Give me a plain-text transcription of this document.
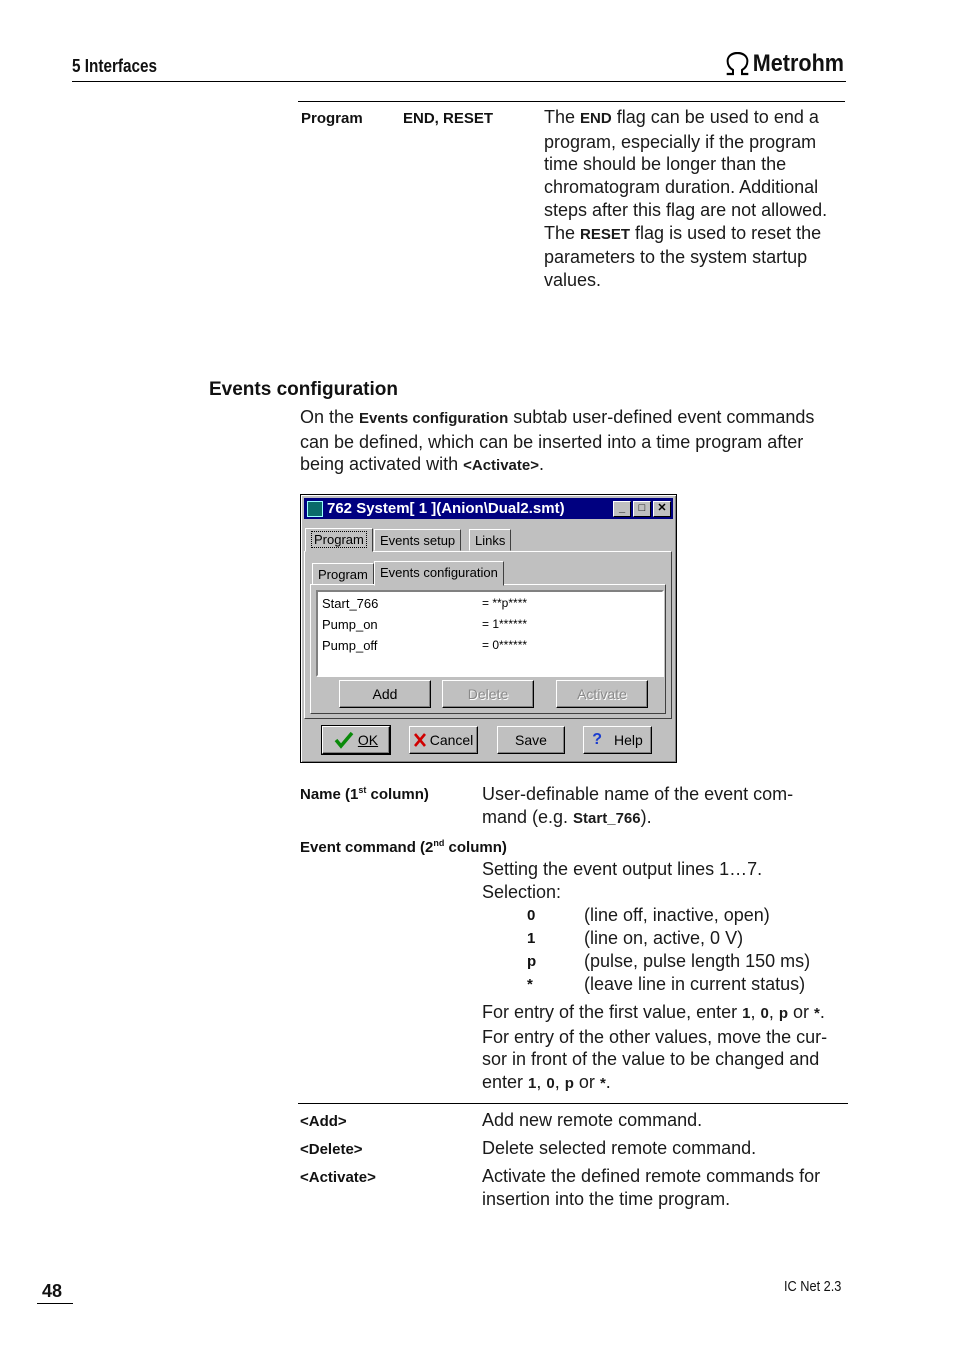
5 Interfaces	Metrohm
Program	END, RESET	The END flag can be used to end a program, especially if the program time should be longer than the chromatogram duration. Additional steps after this flag are not allowed. The RESET flag is used to reset the parameters to the system startup values.
Events configuration
On the Events configuration subtab user-defined event commands can be defined, which can be inserted into a time program after being activated with <Activate>.
762 System[ 1 ](Anion\Dual2.smt)	_	□	✕
Program	Events setup	Links
Program Events configuration
Start_766	= **p****
Pump_on	= 1******
Pump_off	= 0******
Add	Delete	Activate
OK	Cancel	Save	? Help
Name (1st column)	User-definable name of the event com-mand (e.g. Start_766).
Event command (2nd column)
Setting the event output lines 1…7.
Selection:
0	(line off, inactive, open)
1	(line on, active, 0 V)
p	(pulse, pulse length 150 ms)
*	(leave line in current status)
For entry of the first value, enter 1, 0, p or *. For entry of the other values, move the cur-sor in front of the value to be changed and enter 1, 0, p or *.
<Add>	Add new remote command.
<Delete>	Delete selected remote command.
<Activate>	Activate the defined remote commands for insertion into the time program.
48	IC Net 2.3
